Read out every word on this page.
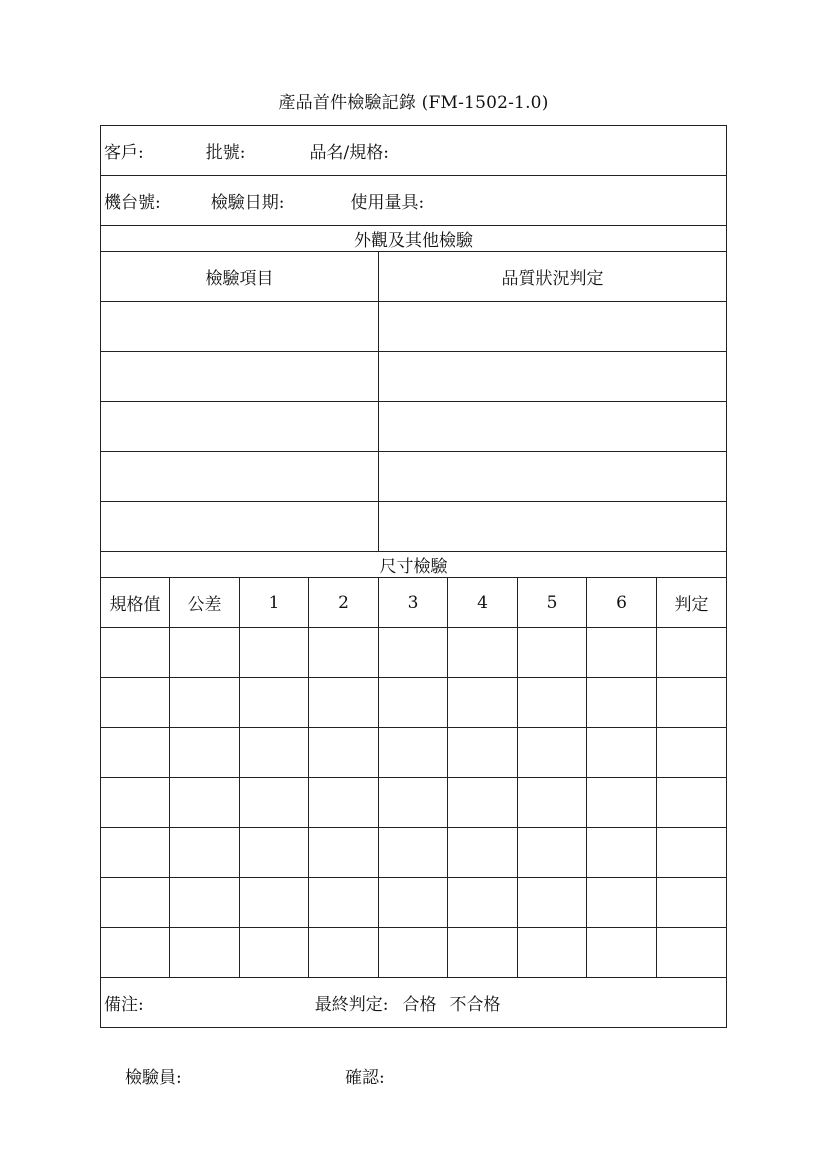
產品首件檢驗記錄 (FM-1502-1.0)
客戶: 批號: 品名/規格:								
機台號: 檢驗日期: 使用量具:								
外觀及其他檢驗								
檢驗項目				品質狀況判定				

尺寸檢驗								
規格值	公差	1	2	3	4	5	6	判定

備注: 最終判定: 合格 不合格								
檢驗員:	確認:
